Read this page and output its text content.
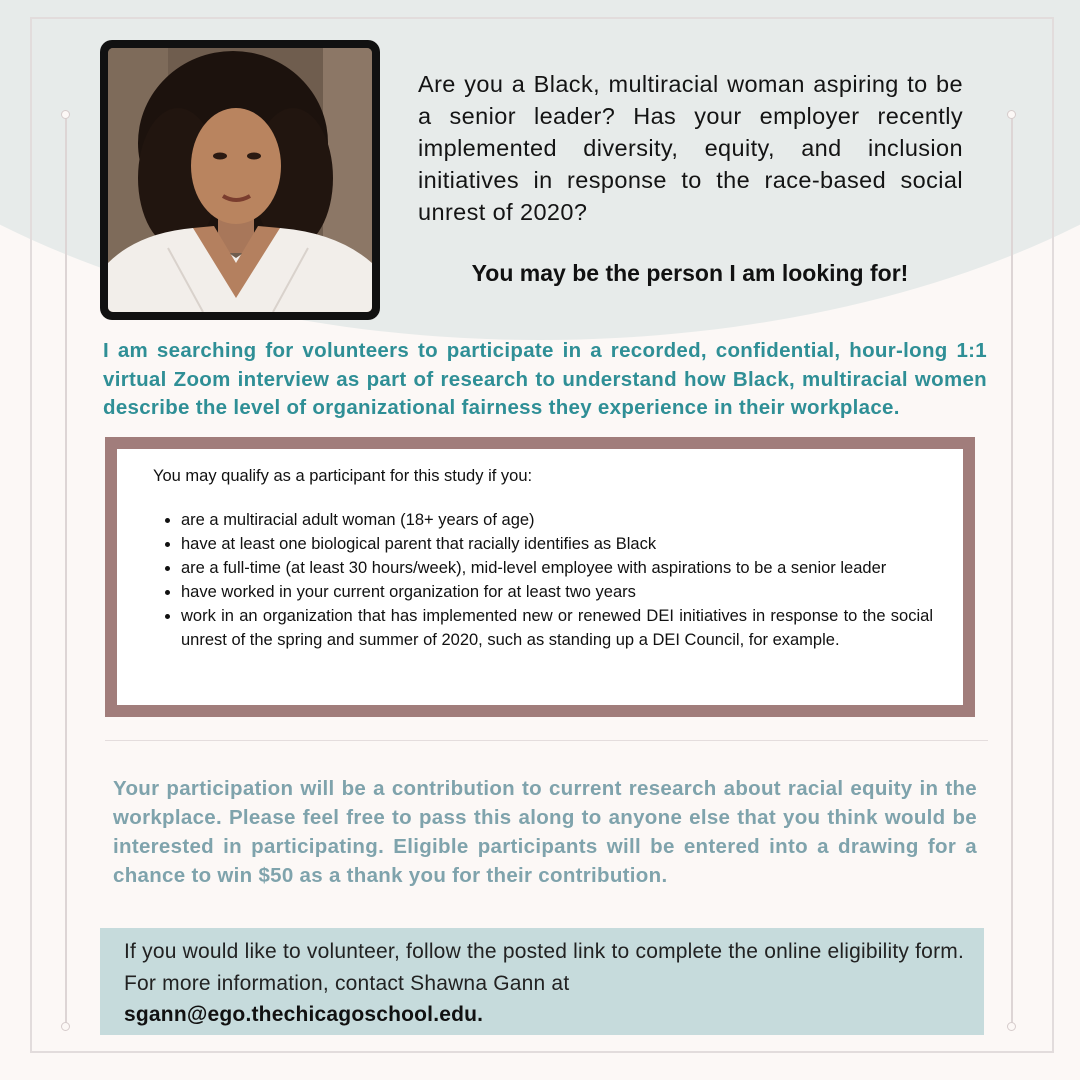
Are you a Black, multiracial woman aspiring to be a senior leader? Has your employer recently implemented diversity, equity, and inclusion initiatives in response to the race-based social unrest of 2020?
You may be the person I am looking for!
I am searching for volunteers to participate in a recorded, confidential, hour-long 1:1 virtual Zoom interview as part of research to understand how Black, multiracial women describe the level of organizational fairness they experience in their workplace.
You may qualify as a participant for this study if you:
• are a multiracial adult woman (18+ years of age)
• have at least one biological parent that racially identifies as Black
• are a full-time (at least 30 hours/week), mid-level employee with aspirations to be a senior leader
• have worked in your current organization for at least two years
• work in an organization that has implemented new or renewed DEI initiatives in response to the social unrest of the spring and summer of 2020, such as standing up a DEI Council, for example.
Your participation will be a contribution to current research about racial equity in the workplace. Please feel free to pass this along to anyone else that you think would be interested in participating. Eligible participants will be entered into a drawing for a chance to win $50 as a thank you for their contribution.
If you would like to volunteer, follow the posted link to complete the online eligibility form. For more information, contact Shawna Gann at
sgann@ego.thechicagoschool.edu.
